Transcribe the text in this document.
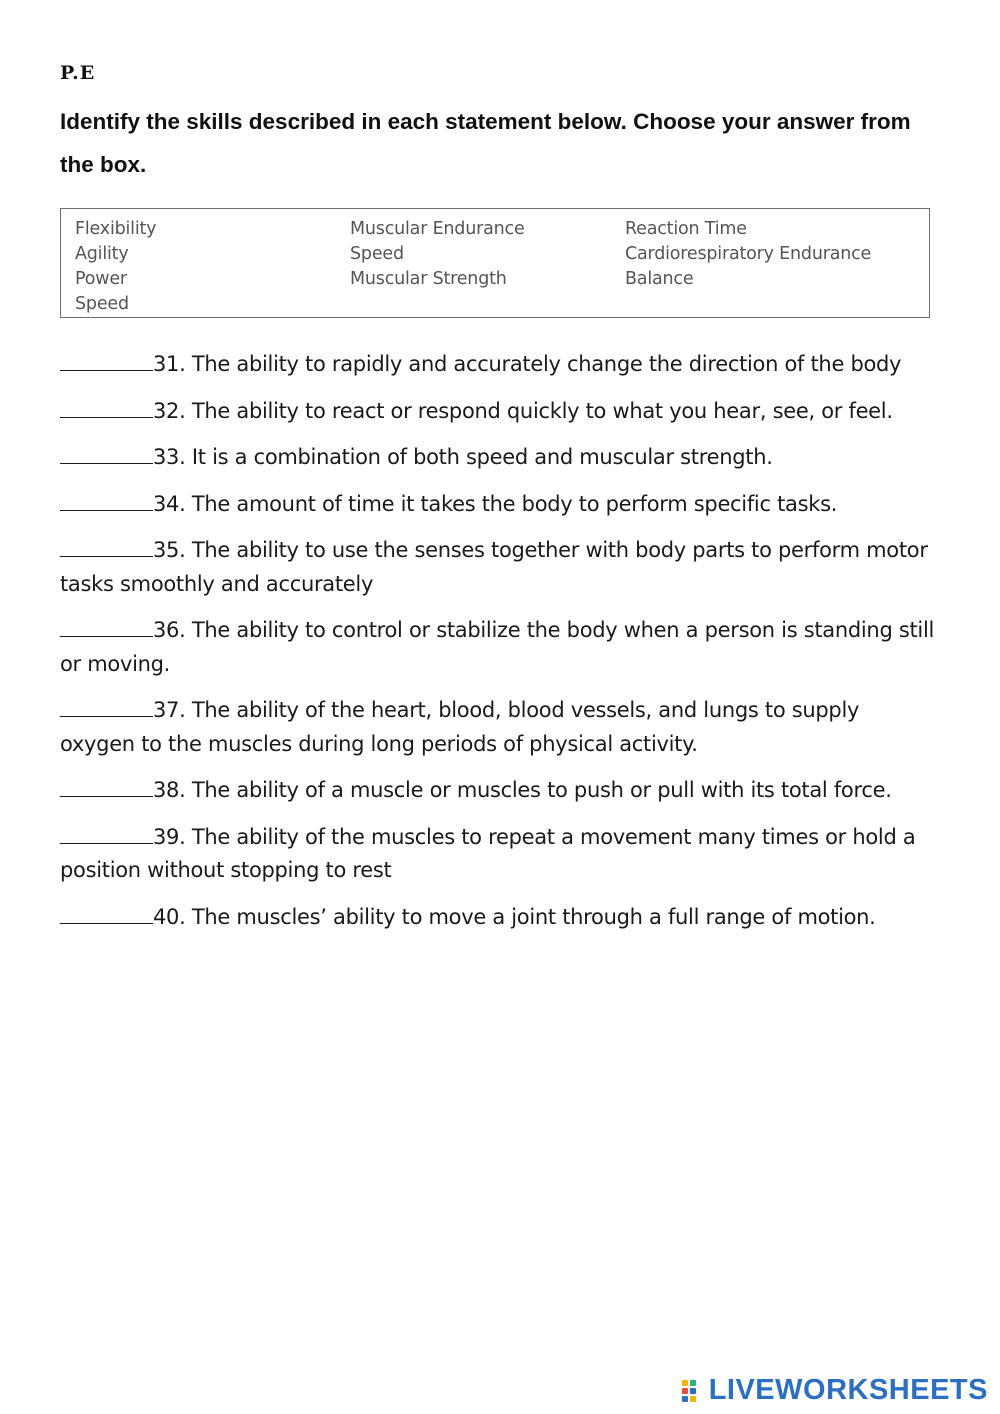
P.E
Identify the skills described in each statement below. Choose your answer from the box.
Flexibility
Agility
Power
Speed
Muscular Endurance
Speed
Muscular Strength
Reaction Time
Cardiorespiratory Endurance
Balance
31. The ability to rapidly and accurately change the direction of the body
32. The ability to react or respond quickly to what you hear, see, or feel.
33. It is a combination of both speed and muscular strength.
34. The amount of time it takes the body to perform specific tasks.
35. The ability to use the senses together with body parts to perform motor tasks smoothly and accurately
36. The ability to control or stabilize the body when a person is standing still or moving.
37. The ability of the heart, blood, blood vessels, and lungs to supply oxygen to the muscles during long periods of physical activity.
38. The ability of a muscle or muscles to push or pull with its total force.
39. The ability of the muscles to repeat a movement many times or hold a position without stopping to rest
40. The muscles’ ability to move a joint through a full range of motion.
LIVEWORKSHEETS
